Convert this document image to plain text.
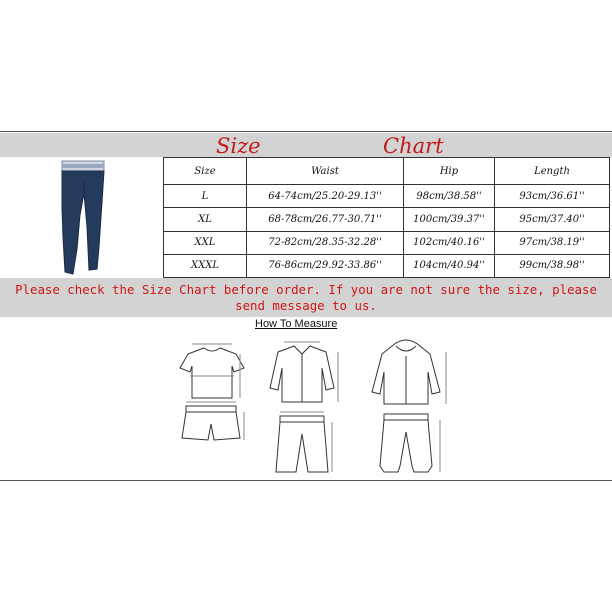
Size	Chart
Size	Waist	Hip	Length
L	64-74cm/25.20-29.13''	98cm/38.58''	93cm/36.61''
XL	68-78cm/26.77-30.71''	100cm/39.37''	95cm/37.40''
XXL	72-82cm/28.35-32.28''	102cm/40.16''	97cm/38.19''
XXXL	76-86cm/29.92-33.86''	104cm/40.94''	99cm/38.98''
Please check the Size Chart before order. If you are not sure the size, please send message to us.
How To Measure
